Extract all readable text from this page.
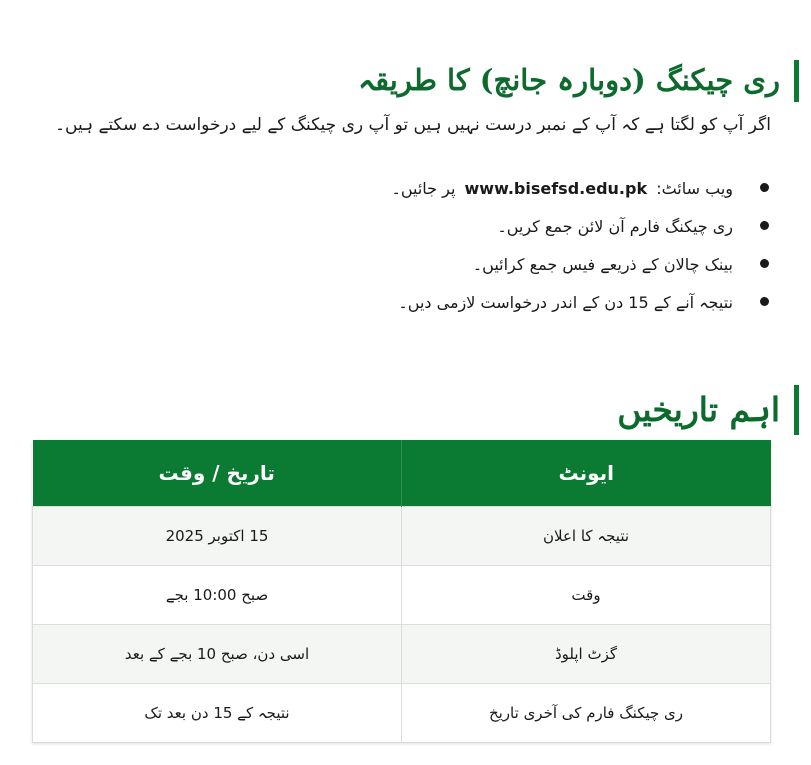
ری چیکنگ (دوبارہ جانچ) کا طریقہ

اگر آپ کو لگتا ہے کہ آپ کے نمبر درست نہیں ہیں تو آپ ری چیکنگ کے لیے درخواست دے سکتے ہیں۔

ویب سائٹ: www.bisefsd.edu.pk پر جائیں۔
ری چیکنگ فارم آن لائن جمع کریں۔
بینک چالان کے ذریعے فیس جمع کرائیں۔
نتیجہ آنے کے 15 دن کے اندر درخواست لازمی دیں۔
اہم تاریخیں
ایونٹ	تاریخ / وقت
نتیجہ کا اعلان	15 اکتوبر 2025
وقت	صبح 10:00 بجے
گزٹ اپلوڈ	اسی دن، صبح 10 بجے کے بعد
ری چیکنگ فارم کی آخری تاریخ	نتیجہ کے 15 دن بعد تک
